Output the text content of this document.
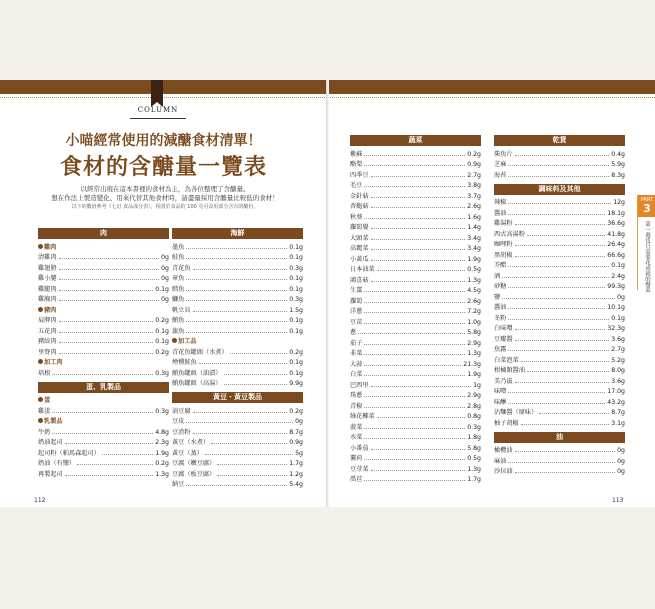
COLUMN
小喵經常使用的減醣食材清單！
食材的含醣量一覽表
以經常出現在這本書裡的食材為主，為各位整理了含醣量。
想在作法上製造變化、用來代替其他食材時，請盡量採用含醣量比較低的食材！
以下的數值參考《七訂 食品成分表》，相當於食品的 100 克可食用部分含有的醣份。
PART
3
第一週也只需要花成就的餐菜
肉
雞肉
清雞肉	0g
雞翅膀	0g
雞小腿	0g
雞腿肉	0.1g
雞胸肉	0g
豬肉
肩胛肉	0.2g
五花肉	0.1g
豬絞肉	0.1g
里脊肉	0.2g
加工肉
培根	0.3g
蛋、乳製品
蛋
雞蛋	0.3g
乳製品
牛奶	4.8g
奶油起司	2.3g
起司粉（帕馬森起司）	1.9g
奶油（有鹽）	0.2g
再製起司	1.3g
海鮮
墨魚	0.1g
鮭魚	0.1g
青花魚	0.3g
章魚	0.1g
鱈魚	0.1g
鰤魚	0.3g
帆立貝	1.5g
鮪魚	0.1g
旗魚	0.1g
加工品
青花魚罐頭（水煮）	0.2g
煙燻鮭魚	0.1g
鮪魚罐頭（油漬）	0.1g
鮪魚罐頭（高湯）	9.9g
黃豆・黃豆製品
油豆腐	0.2g
豆皮	0g
豆渣粉	8.7g
黃豆（水煮）	0.9g
黃豆（蒸）	5g
豆腐（嫩豆腐）	1.7g
豆腐（板豆腐）	1.2g
納豆	5.4g
蔬菜
紫蘇	0.2g
酪梨	0.9g
四季豆	2.7g
毛豆	3.8g
金針菇	3.7g
杏鮑菇	2.6g
秋葵	1.6g
蘿蔔嬰	1.4g
大頭菜	3.4g
高麗菜	3.4g
小黃瓜	1.9g
日本油菜	0.5g
鴻喜菇	1.3g
生薑	4.5g
蘿蔔	2.6g
洋蔥	7.2g
豆苗	1.0g
蔥	5.8g
茄子	2.9g
韭菜	1.3g
大蒜	21.3g
白菜	1.9g
巴西里	1g
珠蔥	2.9g
青椒	2.8g
綠花椰菜	0.8g
菠菜	0.3g
水菜	1.8g
小番茄	5.8g
蘘荷	0.5g
豆芽菜	1.3g
萵苣	1.7g
乾貨
柴魚片	0.4g
芝麻	5.9g
海苔	8.3g
調味料及其他
辣椒	12g
醬油	18.1g
雞湯粉	36.6g
西式高湯粉	41.8g
咖哩粉	26.4g
黑胡椒	66.6g
芥醋	0.1g
酒	2.4g
砂糖	99.3g
鹽	0g
醬油	10.1g
冬粉	0.1g
白味噌	32.3g
豆瓣醬	3.6g
魚露	2.7g
白菜泡菜	5.2g
柑橘類醬油	8.0g
美乃滋	3.6g
味噌	17.0g
味醂	43.2g
沾麵醬（原味）	8.7g
柚子胡椒	3.1g
油
橄欖油	0g
麻油	0g
沙拉油	0g
112	113
